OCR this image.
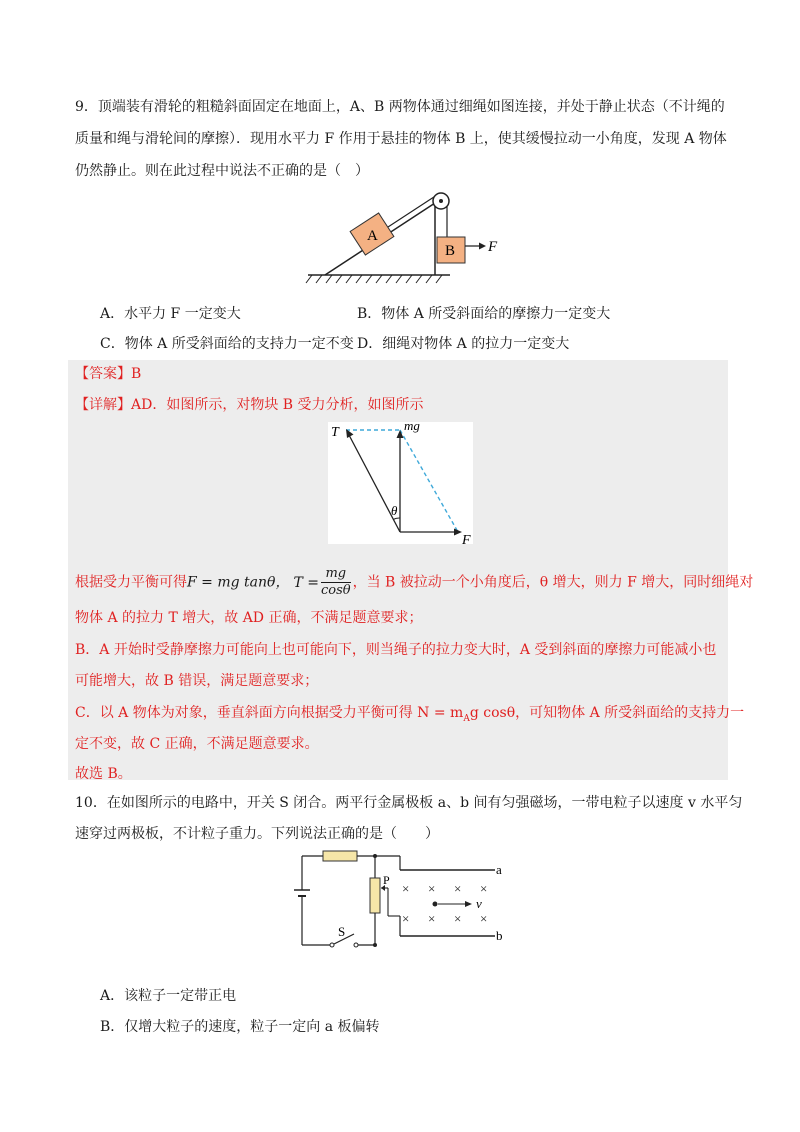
9．顶端装有滑轮的粗糙斜面固定在地面上，A、B 两物体通过细绳如图连接，并处于静止状态（不计绳的
质量和绳与滑轮间的摩擦）．现用水平力 F 作用于悬挂的物体 B 上，使其缓慢拉动一小角度，发现 A 物体
仍然静止。则在此过程中说法不正确的是（　）
A
B F
A．水平力 F 一定变大	B．物体 A 所受斜面给的摩擦力一定变大
C．物体 A 所受斜面给的支持力一定不变 D．细绳对物体 A 的拉力一定变大
【答案】B
【详解】AD．如图所示，对物块 B 受力分析，如图所示
θ
T	mg
F
根据受力平衡可得F = mg tanθ， $T = \frac{mg}{\cos\theta}$ ，当 B 被拉动一个小角度后，θ 增大，则力 F 增大，同时细绳对
物体 A 的拉力 T 增大，故 AD 正确，不满足题意要求；
B．A 开始时受静摩擦力可能向上也可能向下，则当绳子的拉力变大时，A 受到斜面的摩擦力可能减小也
可能增大，故 B 错误，满足题意要求；
C．以 A 物体为对象，垂直斜面方向根据受力平衡可得 $N = m_Ag$ cosθ，可知物体 A 所受斜面给的支持力一
定不变，故 C 正确，不满足题意要求。
故选 B。
10．在如图所示的电路中，开关 S 闭合。两平行金属极板 a、b 间有匀强磁场，一带电粒子以速度 v 水平匀
速穿过两极板，不计粒子重力。下列说法正确的是（　　）
P
a
b
× × × ×
× × × ×
v
S
A．该粒子一定带正电
B．仅增大粒子的速度，粒子一定向 a 板偏转
